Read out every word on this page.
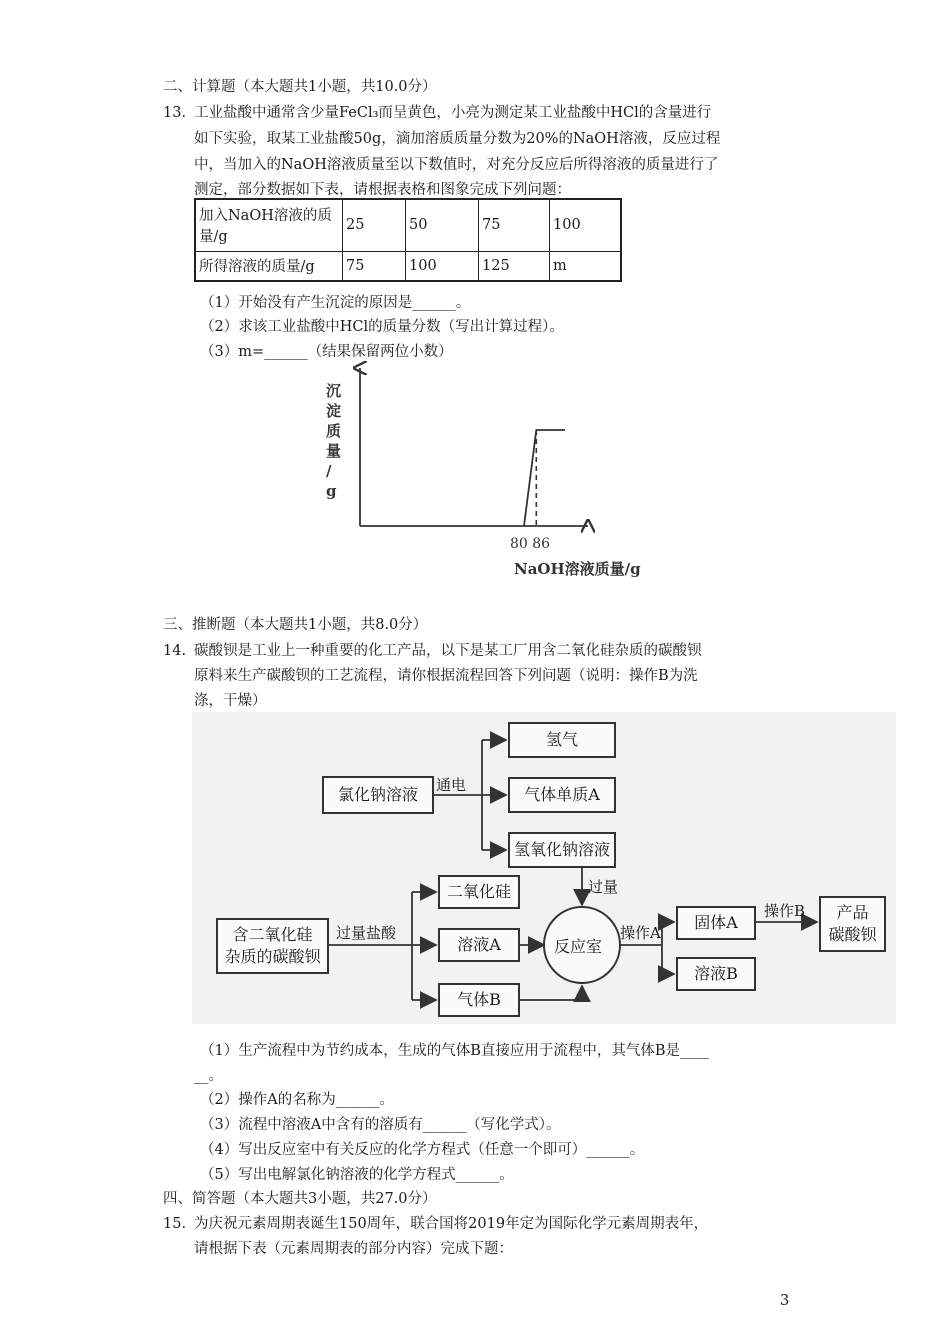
二、计算题（本大题共1小题，共10.0分）
13. 工业盐酸中通常含少量FeCl₃而呈黄色，小亮为测定某工业盐酸中HCl的含量进行
如下实验，取某工业盐酸50g，滴加溶质质量分数为20%的NaOH溶液，反应过程
中，当加入的NaOH溶液质量至以下数值时，对充分反应后所得溶液的质量进行了
测定，部分数据如下表，请根据表格和图象完成下列问题：
加入NaOH溶液的质
量/g	25	50	75	100
所得溶液的质量/g	75	100	125	m
（1）开始没有产生沉淀的原因是______。
（2）求该工业盐酸中HCl的质量分数（写出计算过程）。
（3）m=______（结果保留两位小数）
沉
淀
质
量
/
g
80 86
NaOH溶液质量/g
三、推断题（本大题共1小题，共8.0分）
14. 碳酸钡是工业上一种重要的化工产品，以下是某工厂用含二氧化硅杂质的碳酸钡
原料来生产碳酸钡的工艺流程，请你根据流程回答下列问题（说明：操作B为洗
涤，干燥）
氢气
氯化钠溶液	通电	气体单质A
氢氧化钠溶液
过量
二氧化硅
含二氧化硅
杂质的碳酸钡
过量盐酸
溶液A	反应室
操作A
固体A
操作B	产品
碳酸钡
溶液B
气体B
（1）生产流程中为节约成本，生成的气体B直接应用于流程中，其气体B是____
__。
（2）操作A的名称为______。
（3）流程中溶液A中含有的溶质有______（写化学式）。
（4）写出反应室中有关反应的化学方程式（任意一个即可）______。
（5）写出电解氯化钠溶液的化学方程式______。
四、简答题（本大题共3小题，共27.0分）
15. 为庆祝元素周期表诞生150周年，联合国将2019年定为国际化学元素周期表年，
请根据下表（元素周期表的部分内容）完成下题：
3
